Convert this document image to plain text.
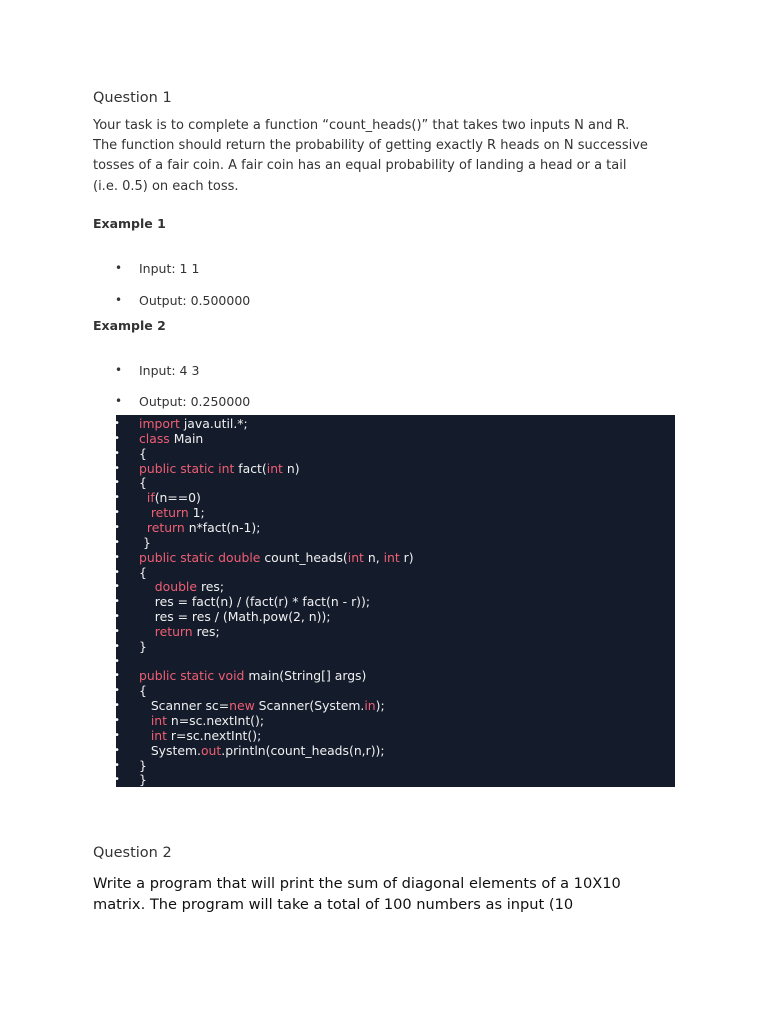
Question 1
Your task is to complete a function “count_heads()” that takes two inputs N and R.
The function should return the probability of getting exactly R heads on N successive
tosses of a fair coin. A fair coin has an equal probability of landing a head or a tail
(i.e. 0.5) on each toss.
Example 1
• Input: 1 1
• Output: 0.500000
Example 2
• Input: 4 3
• Output: 0.250000
• import java.util.*;
• class Main
• {
• public static int fact(int n)
• {
•	if(n==0)
•	return 1;
•	return n*fact(n-1);
• }
• public static double count_heads(int n, int r)
• {
•	double res;
• res = fact(n) / (fact(r) * fact(n - r));
• res = res / (Math.pow(2, n));
•	return res;
• }
•
• public static void main(String[] args)
• {
• Scanner sc=new Scanner(System.in);
•	int n=sc.nextInt();
•	int r=sc.nextInt();
• System.out.println(count_heads(n,r));
• }
• }
Question 2
Write a program that will print the sum of diagonal elements of a 10X10
matrix. The program will take a total of 100 numbers as input (10
